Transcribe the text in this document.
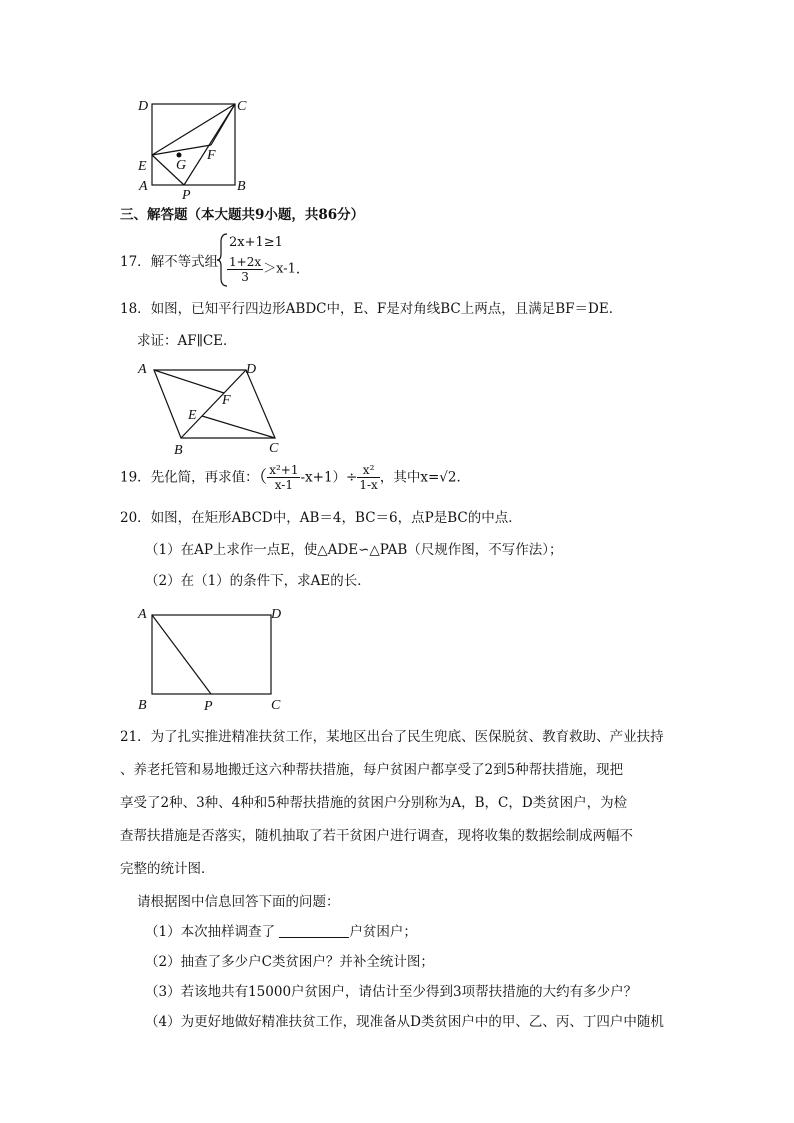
D	C
E G
F
A
P
B
三、解答题（本大题共9小题，共86分）
17．解不等式组
2x+1≥1
$\frac{1+2x}{3} >x-1$.
18．如图，已知平行四边形ABDC中，E、F是对角线BC上两点，且满足BF＝DE．
求证：AF∥CE．
A	D
F
E
B	C
19．先化简，再求值：（ $\frac{\text{x²+1}}{x-1} -x+1)\div \frac{\text{x²}}{1-x}$ ，其中x=√2．
20．如图，在矩形ABCD中，AB＝4，BC＝6，点P是BC的中点．
（1）在AP上求作一点E，使△ADE∽△PAB（尺规作图，不写作法）；
（2）在（1）的条件下，求AE的长．
A	D
B	P	C
21．为了扎实推进精准扶贫工作，某地区出台了民生兜底、医保脱贫、教育救助、产业扶持
、养老托管和易地搬迁这六种帮扶措施，每户贫困户都享受了2到5种帮扶措施，现把
享受了2种、3种、4种和5种帮扶措施的贫困户分别称为A，B，C，D类贫困户，为检
查帮扶措施是否落实，随机抽取了若干贫困户进行调查，现将收集的数据绘制成两幅不
完整的统计图．
请根据图中信息回答下面的问题：
（1）本次抽样调查了	户贫困户；
（2）抽查了多少户C类贫困户？并补全统计图；
（3）若该地共有15000户贫困户，请估计至少得到3项帮扶措施的大约有多少户？
（4）为更好地做好精准扶贫工作，现准备从D类贫困户中的甲、乙、丙、丁四户中随机
